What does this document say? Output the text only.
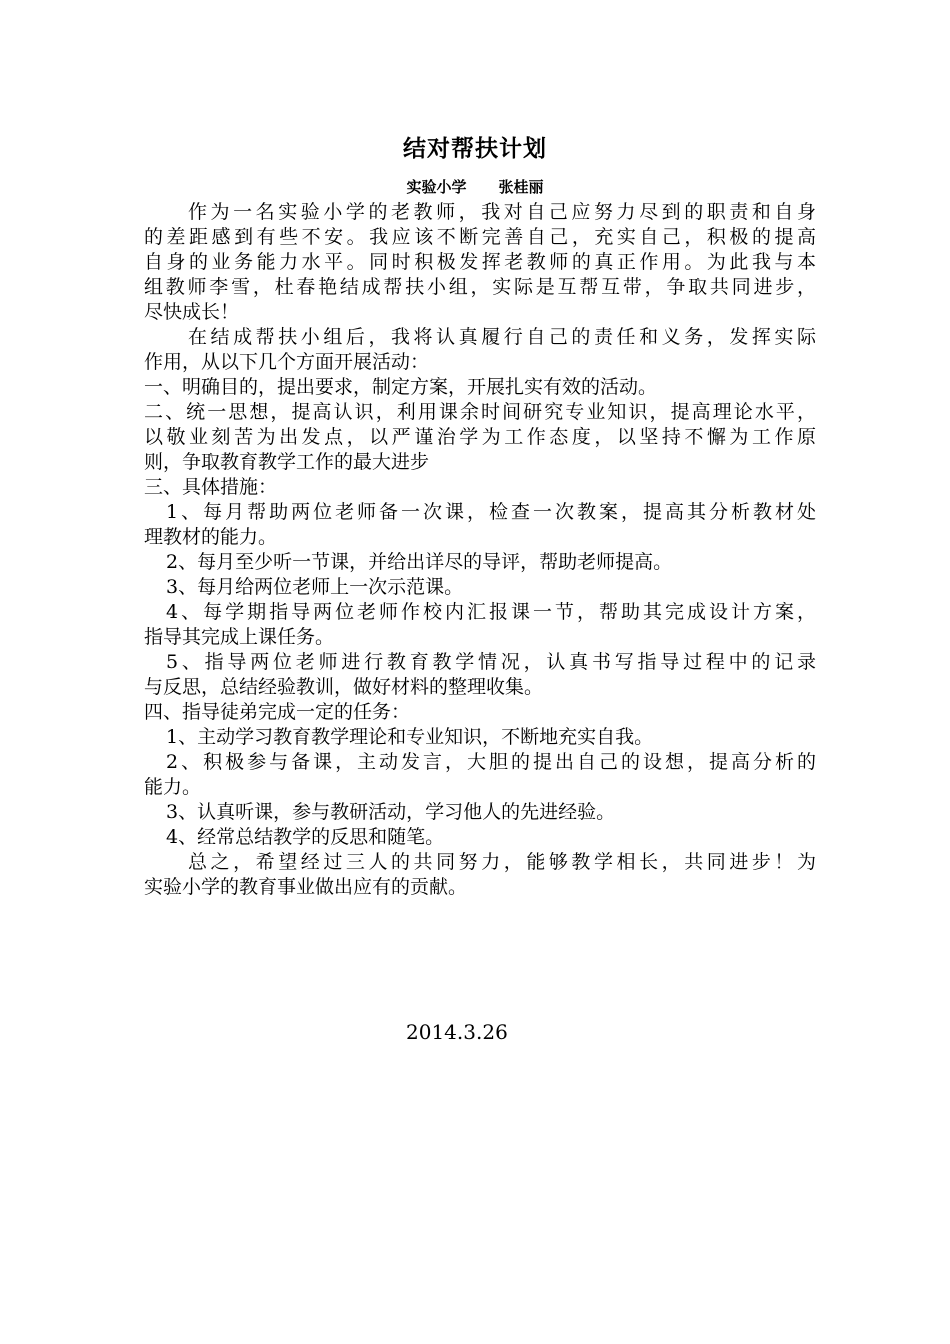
结对帮扶计划
实验小学 张桂丽
作为一名实验小学的老教师，我对自己应努力尽到的职责和自身
的差距感到有些不安。我应该不断完善自己，充实自己，积极的提高
自身的业务能力水平。同时积极发挥老教师的真正作用。为此我与本
组教师李雪，杜春艳结成帮扶小组，实际是互帮互带，争取共同进步，
尽快成长！
在结成帮扶小组后，我将认真履行自己的责任和义务，发挥实际
作用，从以下几个方面开展活动：
一、明确目的，提出要求，制定方案，开展扎实有效的活动。
二、统一思想，提高认识，利用课余时间研究专业知识，提高理论水平，
以敬业刻苦为出发点，以严谨治学为工作态度，以坚持不懈为工作原
则，争取教育教学工作的最大进步
三、具体措施：
1、每月帮助两位老师备一次课，检查一次教案，提高其分析教材处
理教材的能力。
2、每月至少听一节课，并给出详尽的导评，帮助老师提高。
3、每月给两位老师上一次示范课。
4、每学期指导两位老师作校内汇报课一节，帮助其完成设计方案，
指导其完成上课任务。
5、指导两位老师进行教育教学情况，认真书写指导过程中的记录
与反思，总结经验教训，做好材料的整理收集。
四、指导徒弟完成一定的任务：
1、主动学习教育教学理论和专业知识，不断地充实自我。
2、积极参与备课，主动发言，大胆的提出自己的设想，提高分析的
能力。
3、认真听课，参与教研活动，学习他人的先进经验。
4、经常总结教学的反思和随笔。
总之，希望经过三人的共同努力，能够教学相长，共同进步！为
实验小学的教育事业做出应有的贡献。
2014.3.26
